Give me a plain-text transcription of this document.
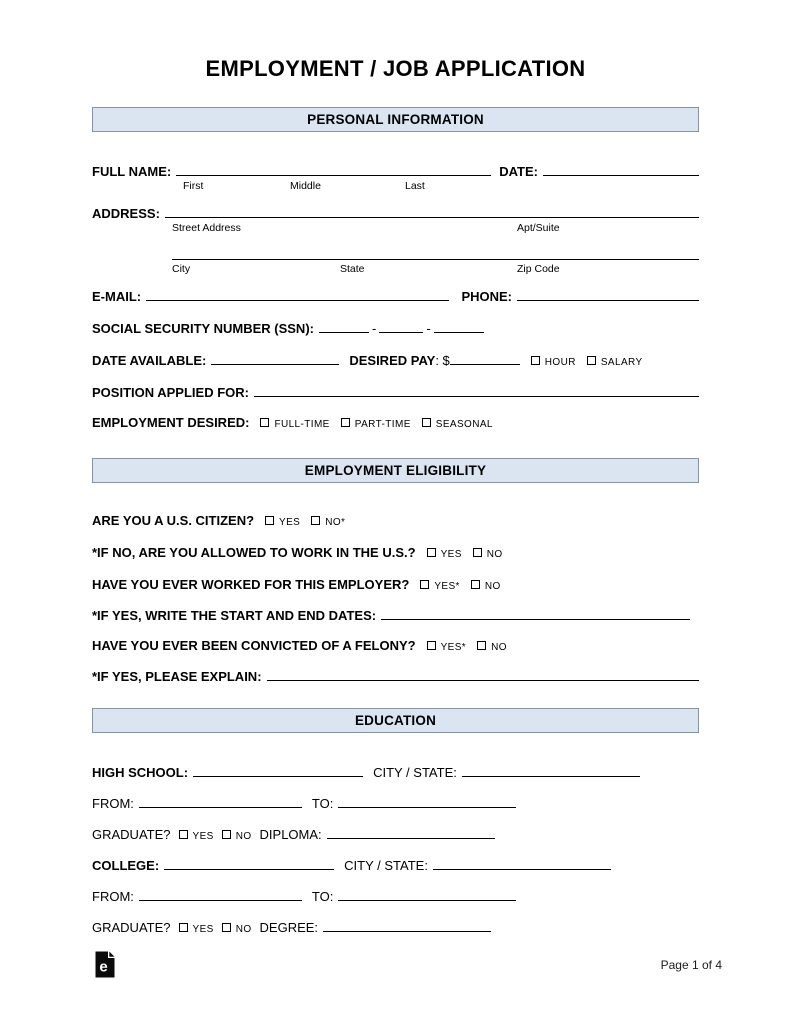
EMPLOYMENT / JOB APPLICATION
PERSONAL INFORMATION
FULL NAME:	DATE:
First	Middle	Last
ADDRESS:
Street Address	Apt/Suite
City	State	Zip Code
E-MAIL:	PHONE:
SOCIAL SECURITY NUMBER (SSN):	-	-
DATE AVAILABLE:	DESIRED PAY : $	HOUR	SALARY
POSITION APPLIED FOR:
EMPLOYMENT DESIRED:	FULL-TIME	PART-TIME	SEASONAL
EMPLOYMENT ELIGIBILITY
ARE YOU A U.S. CITIZEN?	YES	NO*
*IF NO, ARE YOU ALLOWED TO WORK IN THE U.S.?	YES	NO
HAVE YOU EVER WORKED FOR THIS EMPLOYER?	YES*	NO
*IF YES, WRITE THE START AND END DATES:
HAVE YOU EVER BEEN CONVICTED OF A FELONY?	YES*	NO
*IF YES, PLEASE EXPLAIN:
EDUCATION
HIGH SCHOOL:	CITY / STATE:
FROM:	TO:
GRADUATE? YES NO DIPLOMA:
COLLEGE:	CITY / STATE:
FROM:	TO:
GRADUATE? YES NO DEGREE:
e	Page 1 of 4
